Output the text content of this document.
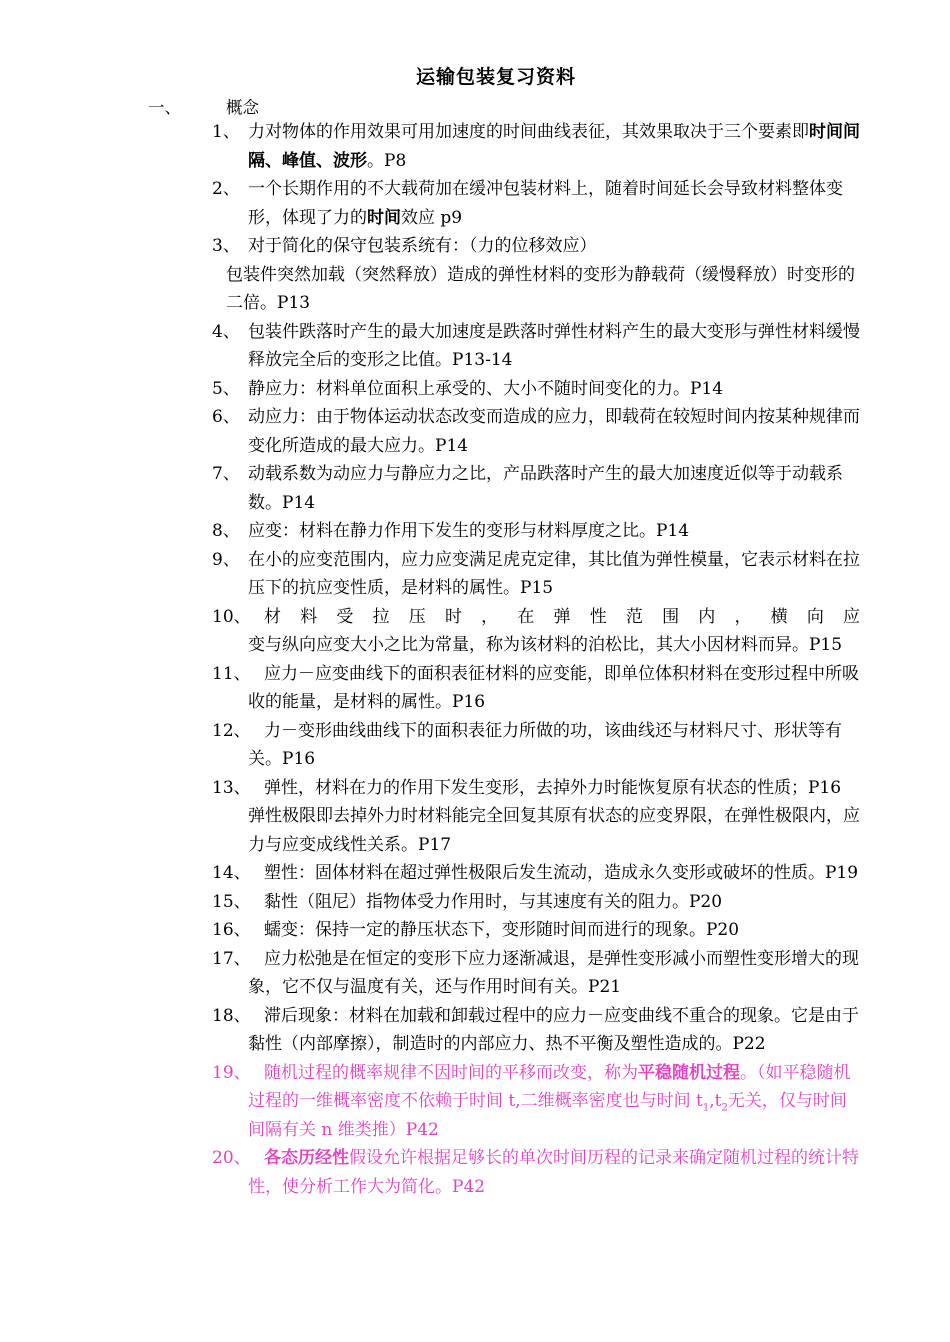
运输包装复习资料
一、	概念
1、 力对物体的作用效果可用加速度的时间曲线表征，其效果取决于三个要素即时间间隔、峰值、波形。P8
2、 一个长期作用的不大载荷加在缓冲包装材料上，随着时间延长会导致材料整体变形，体现了力的时间效应 p9
3、 对于简化的保守包装系统有：（力的位移效应）
包装件突然加载（突然释放）造成的弹性材料的变形为静载荷（缓慢释放）时变形的二倍。P13
4、 包装件跌落时产生的最大加速度是跌落时弹性材料产生的最大变形与弹性材料缓慢释放完全后的变形之比值。P13-14
5、 静应力：材料单位面积上承受的、大小不随时间变化的力。P14
6、 动应力：由于物体运动状态改变而造成的应力，即载荷在较短时间内按某种规律而变化所造成的最大应力。P14
7、 动载系数为动应力与静应力之比，产品跌落时产生的最大加速度近似等于动载系数。P14
8、 应变：材料在静力作用下发生的变形与材料厚度之比。P14
9、 在小的应变范围内，应力应变满足虎克定律，其比值为弹性模量，它表示材料在拉压下的抗应变性质，是材料的属性。P15
10、 材 料 受 拉 压 时 ， 在 弹 性 范 围 内 ， 横 向 应
变与纵向应变大小之比为常量，称为该材料的泊松比，其大小因材料而异。P15
11、 应力－应变曲线下的面积表征材料的应变能，即单位体积材料在变形过程中所吸收的能量，是材料的属性。P16
12、 力－变形曲线曲线下的面积表征力所做的功，该曲线还与材料尺寸、形状等有关。P16
13、 弹性，材料在力的作用下发生变形，去掉外力时能恢复原有状态的性质；P16 弹性极限即去掉外力时材料能完全回复其原有状态的应变界限，在弹性极限内，应力与应变成线性关系。P17
14、 塑性：固体材料在超过弹性极限后发生流动，造成永久变形或破坏的性质。P19
15、 黏性（阻尼）指物体受力作用时，与其速度有关的阻力。P20
16、 蠕变：保持一定的静压状态下，变形随时间而进行的现象。P20
17、 应力松弛是在恒定的变形下应力逐渐减退，是弹性变形减小而塑性变形增大的现象，它不仅与温度有关，还与作用时间有关。P21
18、 滞后现象：材料在加载和卸载过程中的应力－应变曲线不重合的现象。它是由于黏性（内部摩擦），制造时的内部应力、热不平衡及塑性造成的。P22
19、 随机过程的概率规律不因时间的平移而改变，称为平稳随机过程。（如平稳随机过程的一维概率密度不依赖于时间 t,二维概率密度也与时间 $t_1,t_2$无关，仅与时间间隔有关 n 维类推）P42
20、 各态历经性假设允许根据足够长的单次时间历程的记录来确定随机过程的统计特性，使分析工作大为简化。P42
